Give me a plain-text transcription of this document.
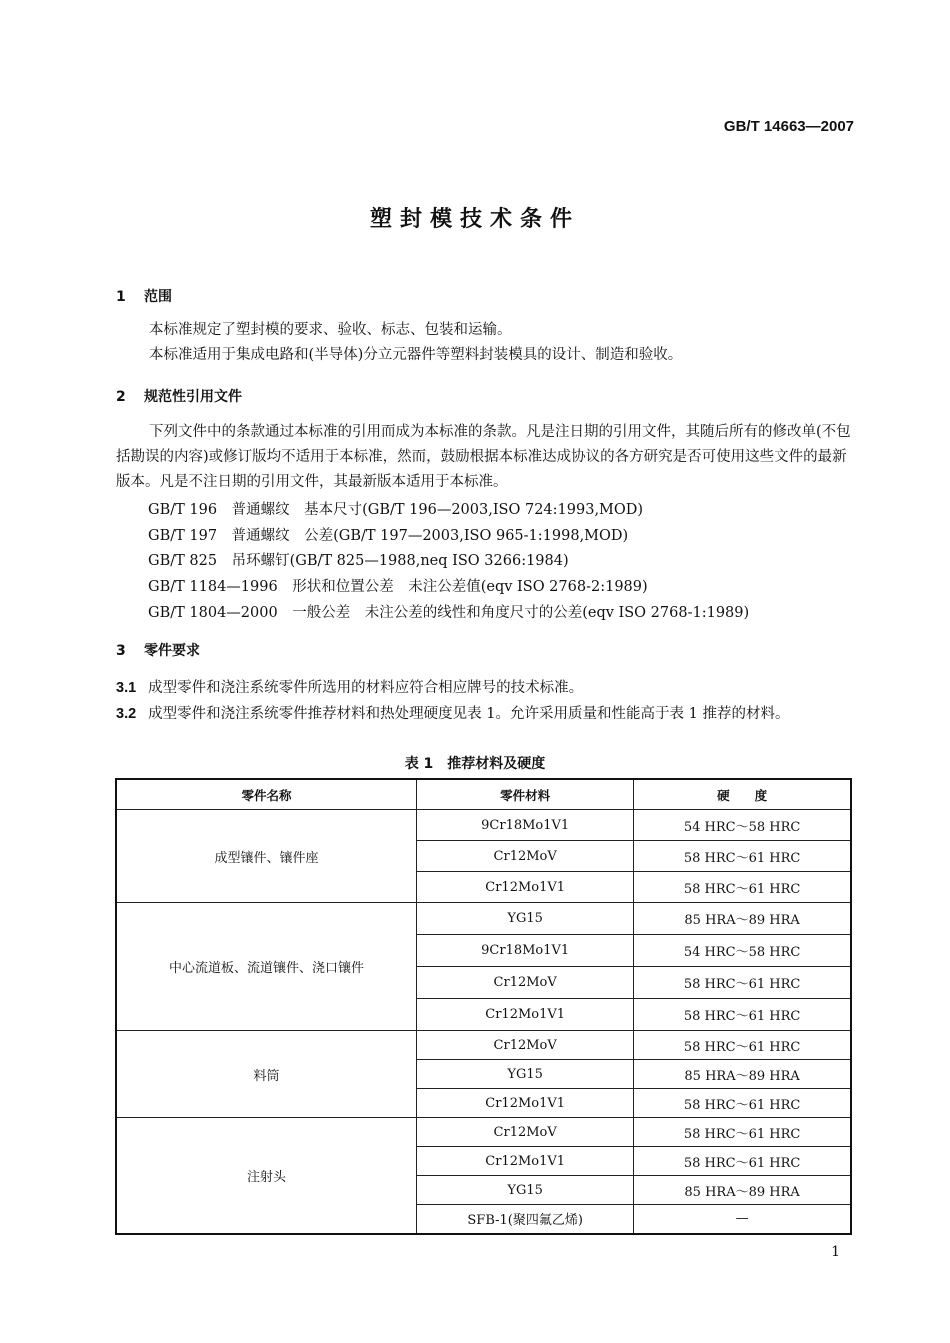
GB/T 14663—2007
塑封模技术条件
1 范围
本标准规定了塑封模的要求、验收、标志、包装和运输。
本标准适用于集成电路和(半导体)分立元器件等塑料封装模具的设计、制造和验收。
2 规范性引用文件
下列文件中的条款通过本标准的引用而成为本标准的条款。凡是注日期的引用文件，其随后所有的修改单(不包括勘误的内容)或修订版均不适用于本标准，然而，鼓励根据本标准达成协议的各方研究是否可使用这些文件的最新版本。凡是不注日期的引用文件，其最新版本适用于本标准。
GB/T 196　普通螺纹　基本尺寸(GB/T 196—2003,ISO 724:1993,MOD)
GB/T 197　普通螺纹　公差(GB/T 197—2003,ISO 965-1:1998,MOD)
GB/T 825　吊环螺钉(GB/T 825—1988,neq ISO 3266:1984)
GB/T 1184—1996　形状和位置公差　未注公差值(eqv ISO 2768-2:1989)
GB/T 1804—2000　一般公差　未注公差的线性和角度尺寸的公差(eqv ISO 2768-1:1989)
3 零件要求
3.1 成型零件和浇注系统零件所选用的材料应符合相应牌号的技术标准。
3.2 成型零件和浇注系统零件推荐材料和热处理硬度见表 1。允许采用质量和性能高于表 1 推荐的材料。
表 1　推荐材料及硬度
零件名称	零件材料	硬　　度
成型镶件、镶件座	9Cr18Mo1V1	54 HRC～58 HRC
	Cr12MoV	58 HRC～61 HRC
	Cr12Mo1V1	58 HRC～61 HRC
中心流道板、流道镶件、浇口镶件	YG15	85 HRA～89 HRA
	9Cr18Mo1V1	54 HRC～58 HRC
	Cr12MoV	58 HRC～61 HRC
	Cr12Mo1V1	58 HRC～61 HRC
料筒	Cr12MoV	58 HRC～61 HRC
	YG15	85 HRA～89 HRA
	Cr12Mo1V1	58 HRC～61 HRC
注射头	Cr12MoV	58 HRC～61 HRC
	Cr12Mo1V1	58 HRC～61 HRC
	YG15	85 HRA～89 HRA
	SFB-1(聚四氟乙烯)	—
1
